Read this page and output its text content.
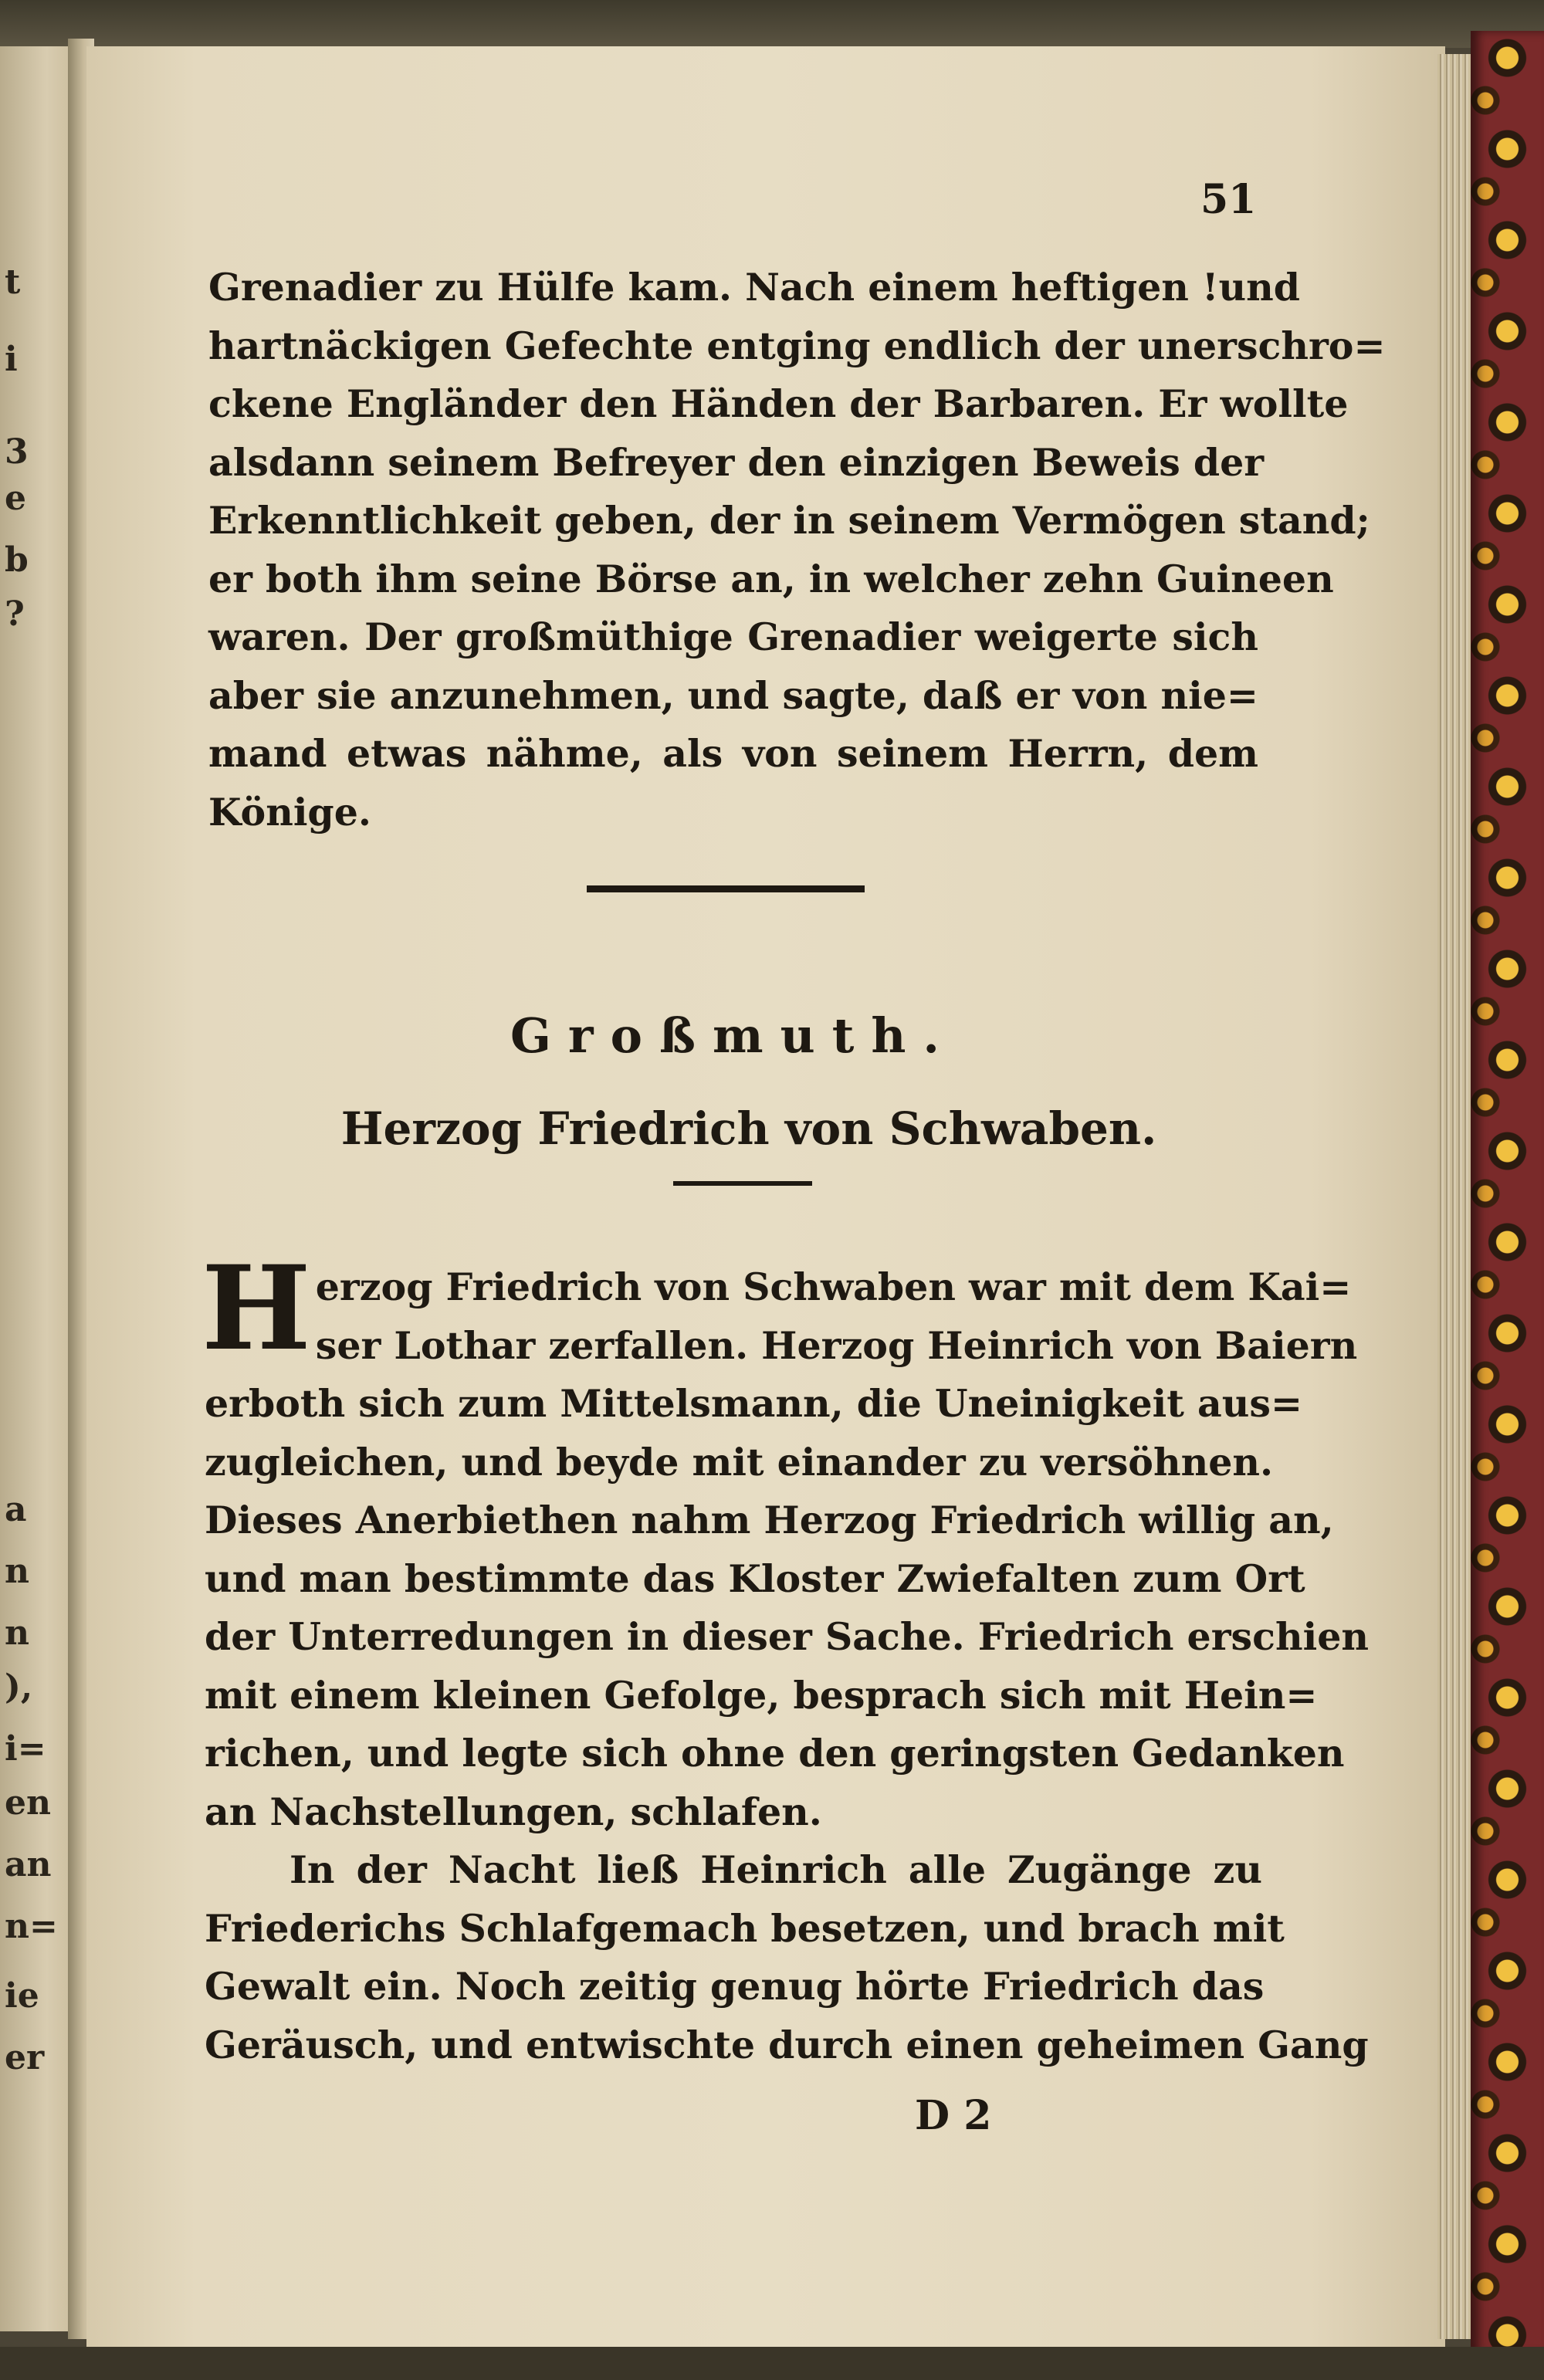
t
i
3
e
b
?
a
n
n
),
i=
en
an
n=
ie
er
51
Grenadier zu Hülfe kam. Nach einem heftigen !und
hartnäckigen Gefechte entging endlich der unerschro=
ckene Engländer den Händen der Barbaren. Er wollte
alsdann seinem Befreyer den einzigen Beweis der
Erkenntlichkeit geben, der in seinem Vermögen stand;
er both ihm seine Börse an, in welcher zehn Guineen
waren. Der großmüthige Grenadier weigerte sich
aber sie anzunehmen, und sagte, daß er von nie=
mand etwas nähme, als von seinem Herrn, dem
Könige.
Großmuth.
Herzog Friedrich von Schwaben.
H erzog Friedrich von Schwaben war mit dem Kai=
ser Lothar zerfallen. Herzog Heinrich von Baiern
erboth sich zum Mittelsmann, die Uneinigkeit aus=
zugleichen, und beyde mit einander zu versöhnen.
Dieses Anerbiethen nahm Herzog Friedrich willig an,
und man bestimmte das Kloster Zwiefalten zum Ort
der Unterredungen in dieser Sache. Friedrich erschien
mit einem kleinen Gefolge, besprach sich mit Hein=
richen, und legte sich ohne den geringsten Gedanken
an Nachstellungen, schlafen.
In der Nacht ließ Heinrich alle Zugänge zu
Friederichs Schlafgemach besetzen, und brach mit
Gewalt ein. Noch zeitig genug hörte Friedrich das
Geräusch, und entwischte durch einen geheimen Gang
D 2
